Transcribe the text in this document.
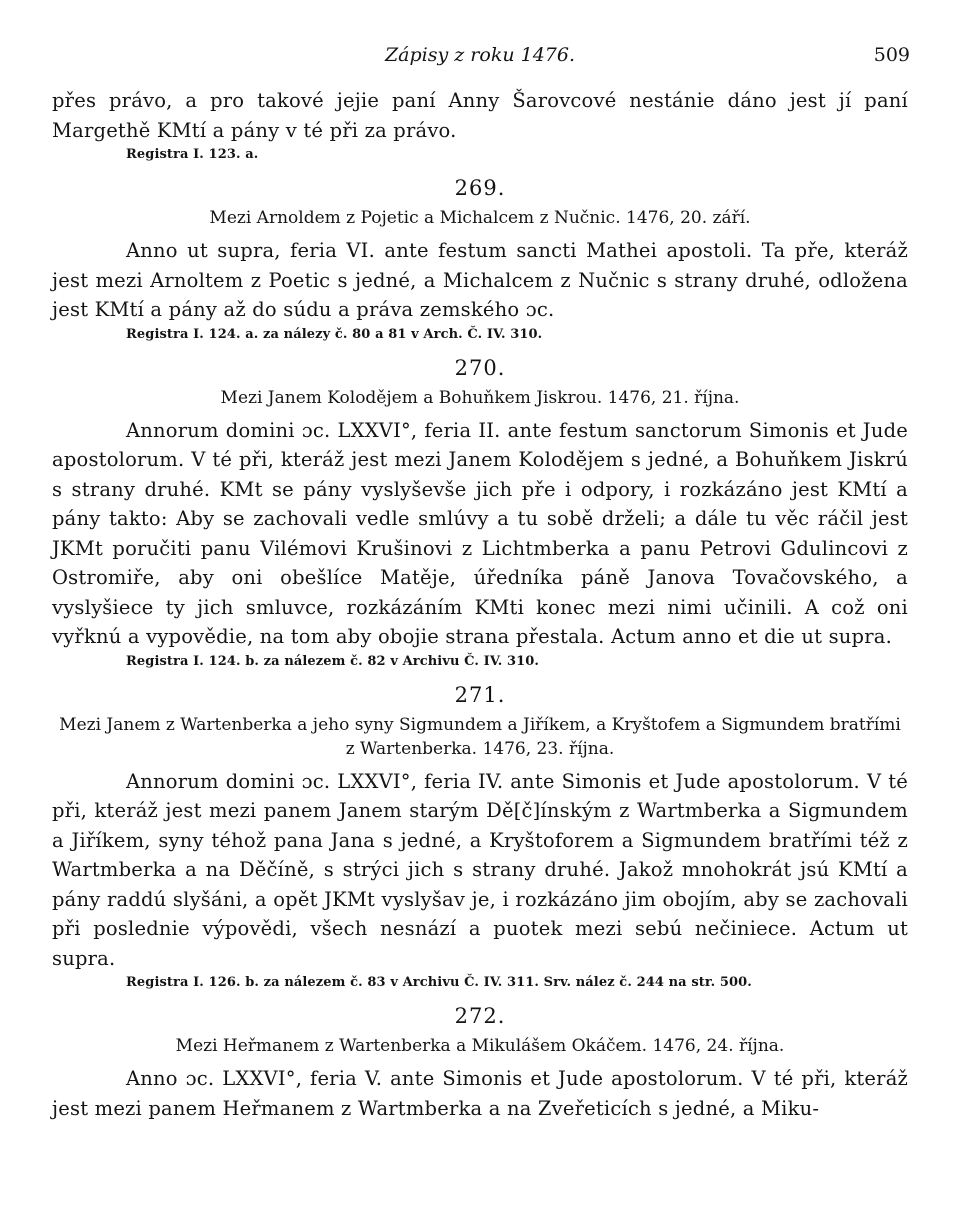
Zápisy z roku 1476.	509

přes právo, a pro takové jejie paní Anny Šarovcové nestánie dáno jest jí paní Margethě KMtí a pány v té při za právo.

Registra I. 123. a.
269.
Mezi Arnoldem z Pojetic a Michalcem z Nučnic. 1476, 20. září.

Anno ut supra, feria VI. ante festum sancti Mathei apostoli. Ta pře, kteráž jest mezi Arnoltem z Poetic s jedné, a Michalcem z Nučnic s strany druhé, odložena jest KMtí a pány až do súdu a práva zemského ɔc.

Registra I. 124. a. za nálezy č. 80 a 81 v Arch. Č. IV. 310.
270.
Mezi Janem Kolodějem a Bohuňkem Jiskrou. 1476, 21. října.

Annorum domini ɔc. LXXVI°, feria II. ante festum sanctorum Simonis et Jude apostolorum. V té při, kteráž jest mezi Janem Kolodějem s jedné, a Bohuňkem Jiskrú s strany druhé. KMt se pány vyslyševše jich pře i odpory, i rozkázáno jest KMtí a pány takto: Aby se zachovali vedle smlúvy a tu sobě drželi; a dále tu věc ráčil jest JKMt poručiti panu Vilémovi Krušinovi z Lichtmberka a panu Petrovi Gdulincovi z Ostromiře, aby oni obešlíce Matěje, úředníka páně Janova Tovačovského, a vyslyšiece ty jich smluvce, rozkázáním KMti konec mezi nimi učinili. A což oni vyřknú a vypovědie, na tom aby obojie strana přestala. Actum anno et die ut supra.

Registra I. 124. b. za nálezem č. 82 v Archivu Č. IV. 310.
271.
Mezi Janem z Wartenberka a jeho syny Sigmundem a Jiříkem, a Kryštofem a Sigmundem bratřími z Wartenberka. 1476, 23. října.

Annorum domini ɔc. LXXVI°, feria IV. ante Simonis et Jude apostolorum. V té při, kteráž jest mezi panem Janem starým Dě[č]ínským z Wartmberka a Sigmundem a Jiříkem, syny téhož pana Jana s jedné, a Kryštoforem a Sigmundem bratřími též z Wartmberka a na Děčíně, s strýci jich s strany druhé. Jakož mnohokrát jsú KMtí a pány raddú slyšáni, a opět JKMt vyslyšav je, i rozkázáno jim obojím, aby se zachovali při poslednie výpovědi, všech nesnází a puotek mezi sebú nečiniece. Actum ut supra.

Registra I. 126. b. za nálezem č. 83 v Archivu Č. IV. 311. Srv. nález č. 244 na str. 500.
272.
Mezi Heřmanem z Wartenberka a Mikulášem Okáčem. 1476, 24. října.

Anno ɔc. LXXVI°, feria V. ante Simonis et Jude apostolorum. V té při, kteráž jest mezi panem Heřmanem z Wartmberka a na Zveřeticích s jedné, a Miku-
